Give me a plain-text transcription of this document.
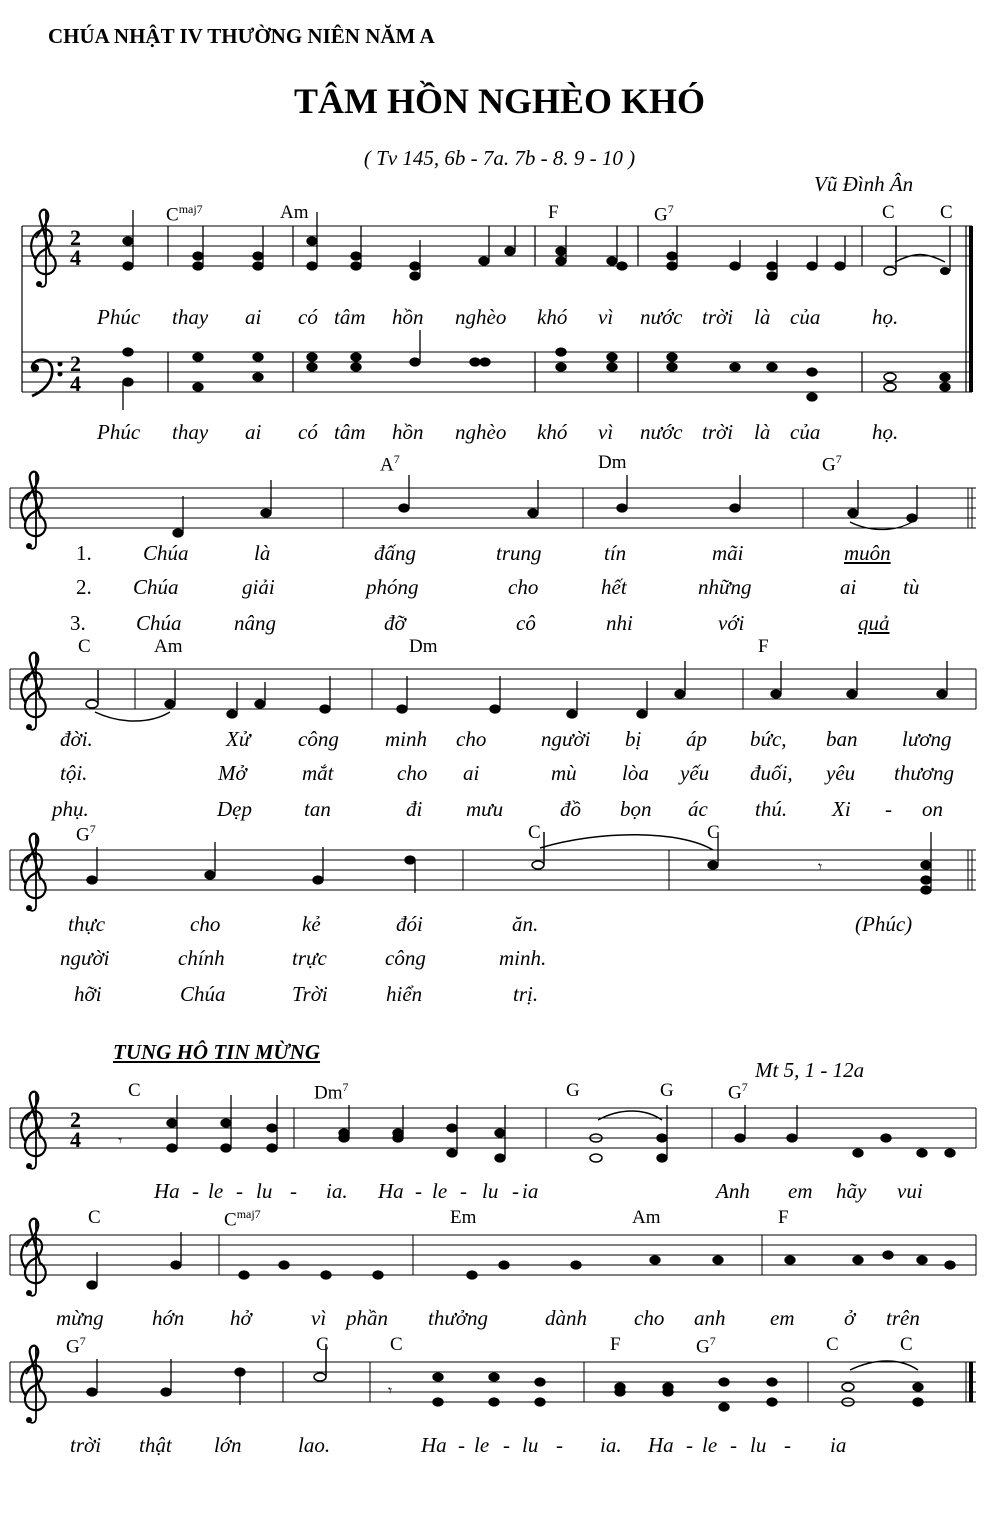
CHÚA NHẬT IV THƯỜNG NIÊN NĂM A
TÂM HỒN NGHÈO KHÓ
( Tv 145, 6b - 7a. 7b - 8. 9 - 10 )
Vũ Đình Ân
2
4
2
4
𝄾
2
4 𝄾
𝄾
$C^{maj7}$	Am	F	$G^7$	C C
Phúc thay ai có tâm hồn nghèo khó vì nước trời là của họ.
Phúc thay ai có tâm hồn nghèo khó vì nước trời là của họ.
$A^7$	Dm	$G^7$
1. Chúa	là	đấng	trung	tín	mãi	muôn
2. Chúa	giải	phóng	cho	hết	những	ai tù
3. Chúa nâng	đỡ	cô	nhi	với	quả
C	Am	Dm	F
đời.	Xử công minh cho	người bị áp bức, ban lương
tội.	Mở	mắt	cho ai	mù lòa yếu đuối, yêu thương
phụ.	Dẹp tan	đi mưu	đồ bọn ác thú. Xi - on
$G^7$	C	C
thực	cho	kẻ	đói	ăn.	(Phúc)
người	chính	trực	công	minh.
hỡi	Chúa	Trời	hiển	trị.
TUNG HÔ TIN MỪNG
Mt 5, 1 - 12a
C	Dm$^7$	G	G	$G^7$
Ha - le - lu - ia. Ha - le - lu - ia	Anh em hãy vui
C	$C^{maj7}$	Em	Am	F
mừng hớn hở	vì phần thưởng	dành cho anh em ở trên
$G^7$	C	C	F	$G^7$	C	C
trời thật lớn	lao.	Ha - le - lu - ia. Ha - le - lu - ia
